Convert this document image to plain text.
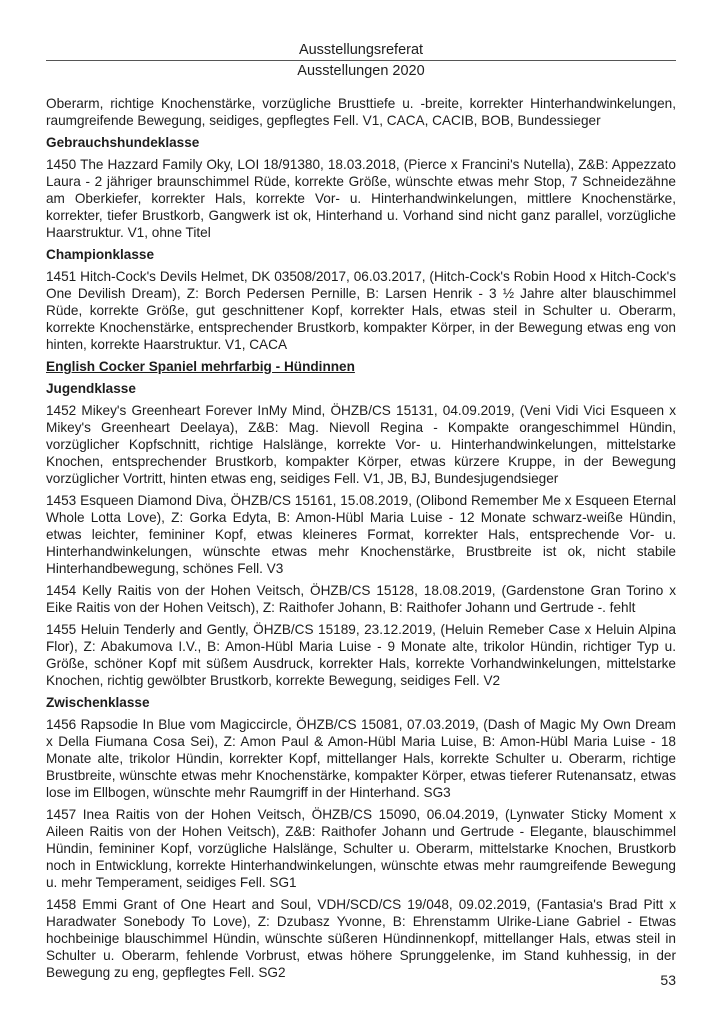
Ausstellungsreferat
Ausstellungen 2020

Oberarm, richtige Knochenstärke, vorzügliche Brusttiefe u. -breite, korrekter Hinterhandwinkelungen, raumgreifende Bewegung, seidiges, gepflegtes Fell. V1, CACA, CACIB, BOB, Bundessieger

Gebrauchshundeklasse

1450 The Hazzard Family Oky, LOI 18/91380, 18.03.2018, (Pierce x Francini's Nutella), Z&B: Appezzato Laura - 2 jähriger braunschimmel Rüde, korrekte Größe, wünschte etwas mehr Stop, 7 Schneidezähne am Oberkiefer, korrekter Hals, korrekte Vor- u. Hinterhandwinkelungen, mittlere Knochenstärke, korrekter, tiefer Brustkorb, Gangwerk ist ok, Hinterhand u. Vorhand sind nicht ganz parallel, vorzügliche Haarstruktur. V1, ohne Titel

Championklasse

1451 Hitch-Cock's Devils Helmet, DK 03508/2017, 06.03.2017, (Hitch-Cock's Robin Hood x Hitch-Cock's One Devilish Dream), Z: Borch Pedersen Pernille, B: Larsen Henrik - 3 ½ Jahre alter blauschimmel Rüde, korrekte Größe, gut geschnittener Kopf, korrekter Hals, etwas steil in Schulter u. Oberarm, korrekte Knochenstärke, entsprechender Brustkorb, kompakter Körper, in der Bewegung etwas eng von hinten, korrekte Haarstruktur. V1, CACA

English Cocker Spaniel mehrfarbig - Hündinnen

Jugendklasse

1452 Mikey's Greenheart Forever InMy Mind, ÖHZB/CS 15131, 04.09.2019, (Veni Vidi Vici Esqueen x Mikey's Greenheart Deelaya), Z&B: Mag. Nievoll Regina - Kompakte orangeschimmel Hündin, vorzüglicher Kopfschnitt, richtige Halslänge, korrekte Vor- u. Hinterhandwinkelungen, mittelstarke Knochen, entsprechender Brustkorb, kompakter Körper, etwas kürzere Kruppe, in der Bewegung vorzüglicher Vortritt, hinten etwas eng, seidiges Fell. V1, JB, BJ, Bundesjugendsieger

1453 Esqueen Diamond Diva, ÖHZB/CS 15161, 15.08.2019, (Olibond Remember Me x Esqueen Eternal Whole Lotta Love), Z: Gorka Edyta, B: Amon-Hübl Maria Luise - 12 Monate schwarz-weiße Hündin, etwas leichter, femininer Kopf, etwas kleineres Format, korrekter Hals, entsprechende Vor- u. Hinterhandwinkelungen, wünschte etwas mehr Knochenstärke, Brustbreite ist ok, nicht stabile Hinterhandbewegung, schönes Fell. V3

1454 Kelly Raitis von der Hohen Veitsch, ÖHZB/CS 15128, 18.08.2019, (Gardenstone Gran Torino x Eike Raitis von der Hohen Veitsch), Z: Raithofer Johann, B: Raithofer Johann und Gertrude -. fehlt

1455 Heluin Tenderly and Gently, ÖHZB/CS 15189, 23.12.2019, (Heluin Remeber Case x Heluin Alpina Flor), Z: Abakumova I.V., B: Amon-Hübl Maria Luise - 9 Monate alte, trikolor Hündin, richtiger Typ u. Größe, schöner Kopf mit süßem Ausdruck, korrekter Hals, korrekte Vorhandwinkelungen, mittelstarke Knochen, richtig gewölbter Brustkorb, korrekte Bewegung, seidiges Fell. V2

Zwischenklasse

1456 Rapsodie In Blue vom Magiccircle, ÖHZB/CS 15081, 07.03.2019, (Dash of Magic My Own Dream x Della Fiumana Cosa Sei), Z: Amon Paul & Amon-Hübl Maria Luise, B: Amon-Hübl Maria Luise - 18 Monate alte, trikolor Hündin, korrekter Kopf, mittellanger Hals, korrekte Schulter u. Oberarm, richtige Brustbreite, wünschte etwas mehr Knochenstärke, kompakter Körper, etwas tieferer Rutenansatz, etwas lose im Ellbogen, wünschte mehr Raumgriff in der Hinterhand. SG3

1457 Inea Raitis von der Hohen Veitsch, ÖHZB/CS 15090, 06.04.2019, (Lynwater Sticky Moment x Aileen Raitis von der Hohen Veitsch), Z&B: Raithofer Johann und Gertrude - Elegante, blauschimmel Hündin, femininer Kopf, vorzügliche Halslänge, Schulter u. Oberarm, mittelstarke Knochen, Brustkorb noch in Entwicklung, korrekte Hinterhandwinkelungen, wünschte etwas mehr raumgreifende Bewegung u. mehr Temperament, seidiges Fell. SG1

1458 Emmi Grant of One Heart and Soul, VDH/SCD/CS 19/048, 09.02.2019, (Fantasia's Brad Pitt x Haradwater Sonebody To Love), Z: Dzubasz Yvonne, B: Ehrenstamm Ulrike-Liane Gabriel - Etwas hochbeinige blauschimmel Hündin, wünschte süßeren Hündinnenkopf, mittellanger Hals, etwas steil in Schulter u. Oberarm, fehlende Vorbrust, etwas höhere Sprunggelenke, im Stand kuhhessig, in der Bewegung zu eng, gepflegtes Fell. SG2	53
